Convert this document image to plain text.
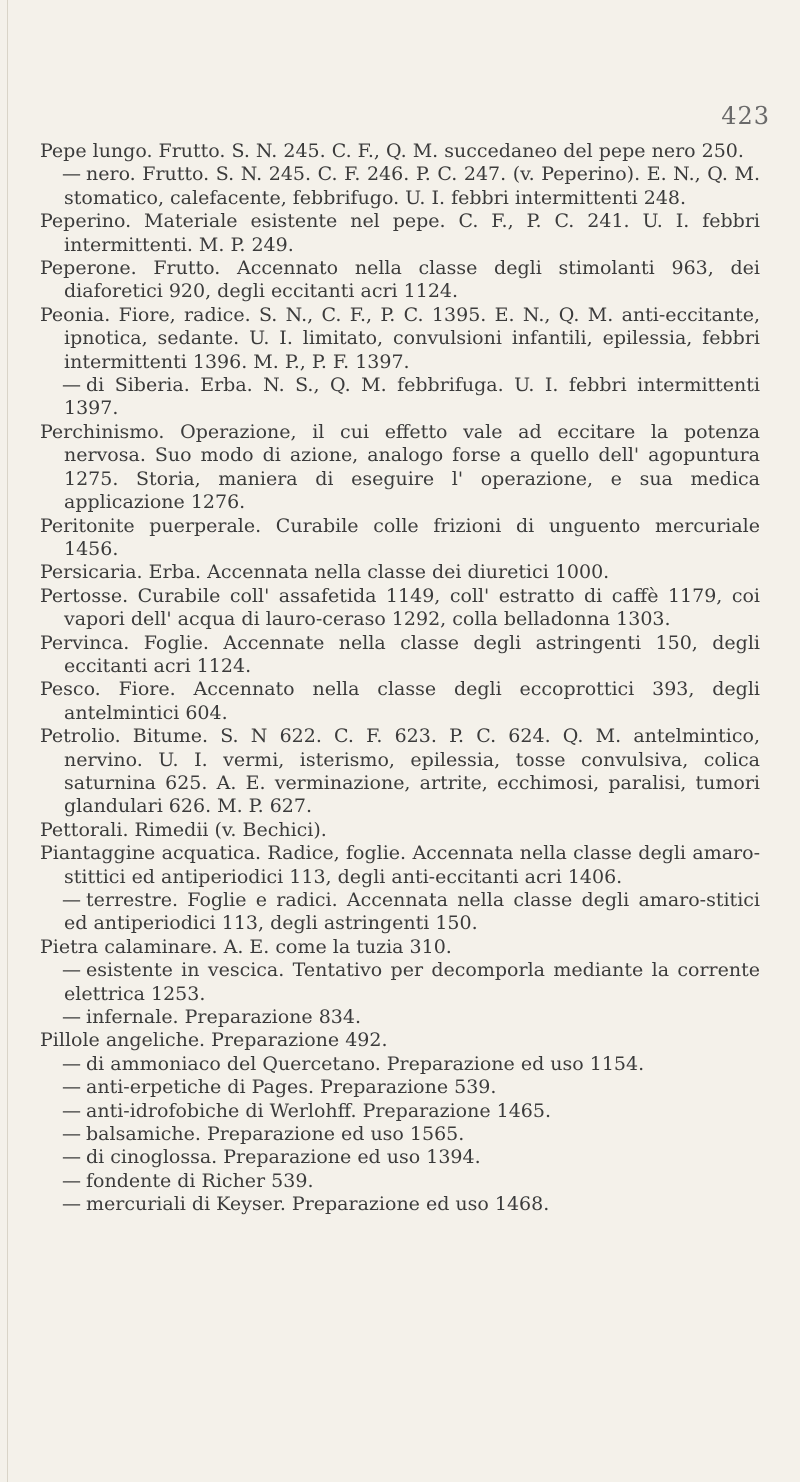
423

Pepe lungo. Frutto. S. N. 245. C. F., Q. M. succedaneo del pepe nero 250.

— nero. Frutto. S. N. 245. C. F. 246. P. C. 247. (v. Peperino). E. N., Q. M. stomatico, calefacente, febbrifugo. U. I. febbri intermittenti 248.

Peperino. Materiale esistente nel pepe. C. F., P. C. 241. U. I. febbri intermittenti. M. P. 249.

Peperone. Frutto. Accennato nella classe degli stimolanti 963, dei diaforetici 920, degli eccitanti acri 1124.

Peonia. Fiore, radice. S. N., C. F., P. C. 1395. E. N., Q. M. anti-eccitante, ipnotica, sedante. U. I. limitato, convulsioni infantili, epilessia, febbri intermittenti 1396. M. P., P. F. 1397.

— di Siberia. Erba. N. S., Q. M. febbrifuga. U. I. febbri intermittenti 1397.

Perchinismo. Operazione, il cui effetto vale ad eccitare la potenza nervosa. Suo modo di azione, analogo forse a quello dell' agopuntura 1275. Storia, maniera di eseguire l' operazione, e sua medica applicazione 1276.

Peritonite puerperale. Curabile colle frizioni di unguento mercuriale 1456.

Persicaria. Erba. Accennata nella classe dei diuretici 1000.

Pertosse. Curabile coll' assafetida 1149, coll' estratto di caffè 1179, coi vapori dell' acqua di lauro-ceraso 1292, colla belladonna 1303.

Pervinca. Foglie. Accennate nella classe degli astringenti 150, degli eccitanti acri 1124.

Pesco. Fiore. Accennato nella classe degli eccoprottici 393, degli antelmintici 604.

Petrolio. Bitume. S. N 622. C. F. 623. P. C. 624. Q. M. antelmintico, nervino. U. I. vermi, isterismo, epilessia, tosse convulsiva, colica saturnina 625. A. E. verminazione, artrite, ecchimosi, paralisi, tumori glandulari 626. M. P. 627.

Pettorali. Rimedii (v. Bechici).

Piantaggine acquatica. Radice, foglie. Accennata nella classe degli amaro-stittici ed antiperiodici 113, degli anti-eccitanti acri 1406.

— terrestre. Foglie e radici. Accennata nella classe degli amaro-stitici ed antiperiodici 113, degli astringenti 150.

Pietra calaminare. A. E. come la tuzia 310.

— esistente in vescica. Tentativo per decomporla mediante la corrente elettrica 1253.

— infernale. Preparazione 834.

Pillole angeliche. Preparazione 492.

— di ammoniaco del Quercetano. Preparazione ed uso 1154.

— anti-erpetiche di Pages. Preparazione 539.

— anti-idrofobiche di Werlohff. Preparazione 1465.

— balsamiche. Preparazione ed uso 1565.

— di cinoglossa. Preparazione ed uso 1394.

— fondente di Richer 539.

— mercuriali di Keyser. Preparazione ed uso 1468.
